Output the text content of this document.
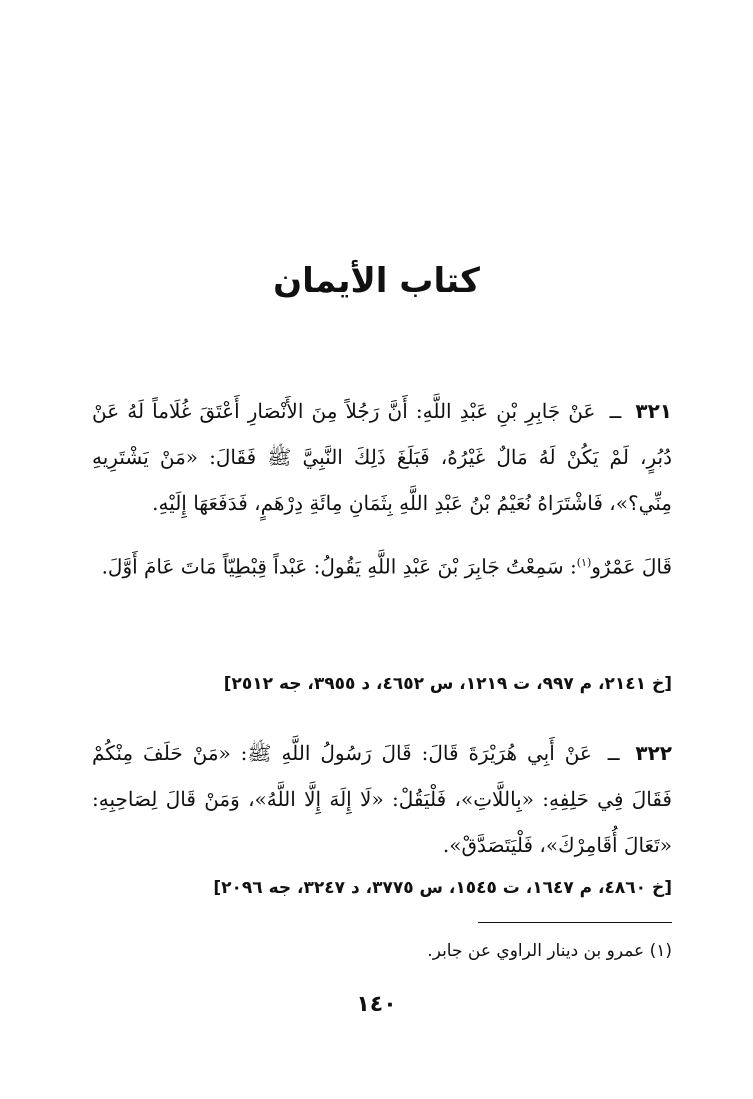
كتاب الأيمان

٣٢١ ــ عَنْ جَابِرِ بْنِ عَبْدِ اللَّهِ: أَنَّ رَجُلاً مِنَ الأَنْصَارِ أَعْتَقَ غُلَاماً لَهُ عَنْ دُبُرٍ، لَمْ يَكُنْ لَهُ مَالٌ غَيْرُهُ، فَبَلَغَ ذَلِكَ النَّبِيَّ ﷺ فَقَالَ: «مَنْ يَشْتَرِيهِ مِنِّي؟»، فَاشْتَرَاهُ نُعَيْمُ بْنُ عَبْدِ اللَّهِ بِثَمَانِ مِائَةِ دِرْهَمٍ، فَدَفَعَهَا إِلَيْهِ.

قَالَ عَمْرٌو$^{(١)}$: سَمِعْتُ جَابِرَ بْنَ عَبْدِ اللَّهِ يَقُولُ: عَبْداً قِبْطِيّاً مَاتَ عَامَ أَوَّلَ.

[خ ٢١٤١، م ٩٩٧، ت ١٢١٩، س ٤٦٥٢، د ٣٩٥٥، جه ٢٥١٢]

٣٢٢ ــ عَنْ أَبِي هُرَيْرَةَ قَالَ: قَالَ رَسُولُ اللَّهِ ﷺ: «مَنْ حَلَفَ مِنْكُمْ فَقَالَ فِي حَلِفِهِ: «بِاللَّاتِ»، فَلْيَقُلْ: «لَا إِلَهَ إِلَّا اللَّهُ»، وَمَنْ قَالَ لِصَاحِبِهِ: «تَعَالَ أُقَامِرْكَ»، فَلْيَتَصَدَّقْ».

[خ ٤٨٦٠، م ١٦٤٧، ت ١٥٤٥، س ٣٧٧٥، د ٣٢٤٧، جه ٢٠٩٦]
(١) عمرو بن دينار الراوي عن جابر.
١٤٠
